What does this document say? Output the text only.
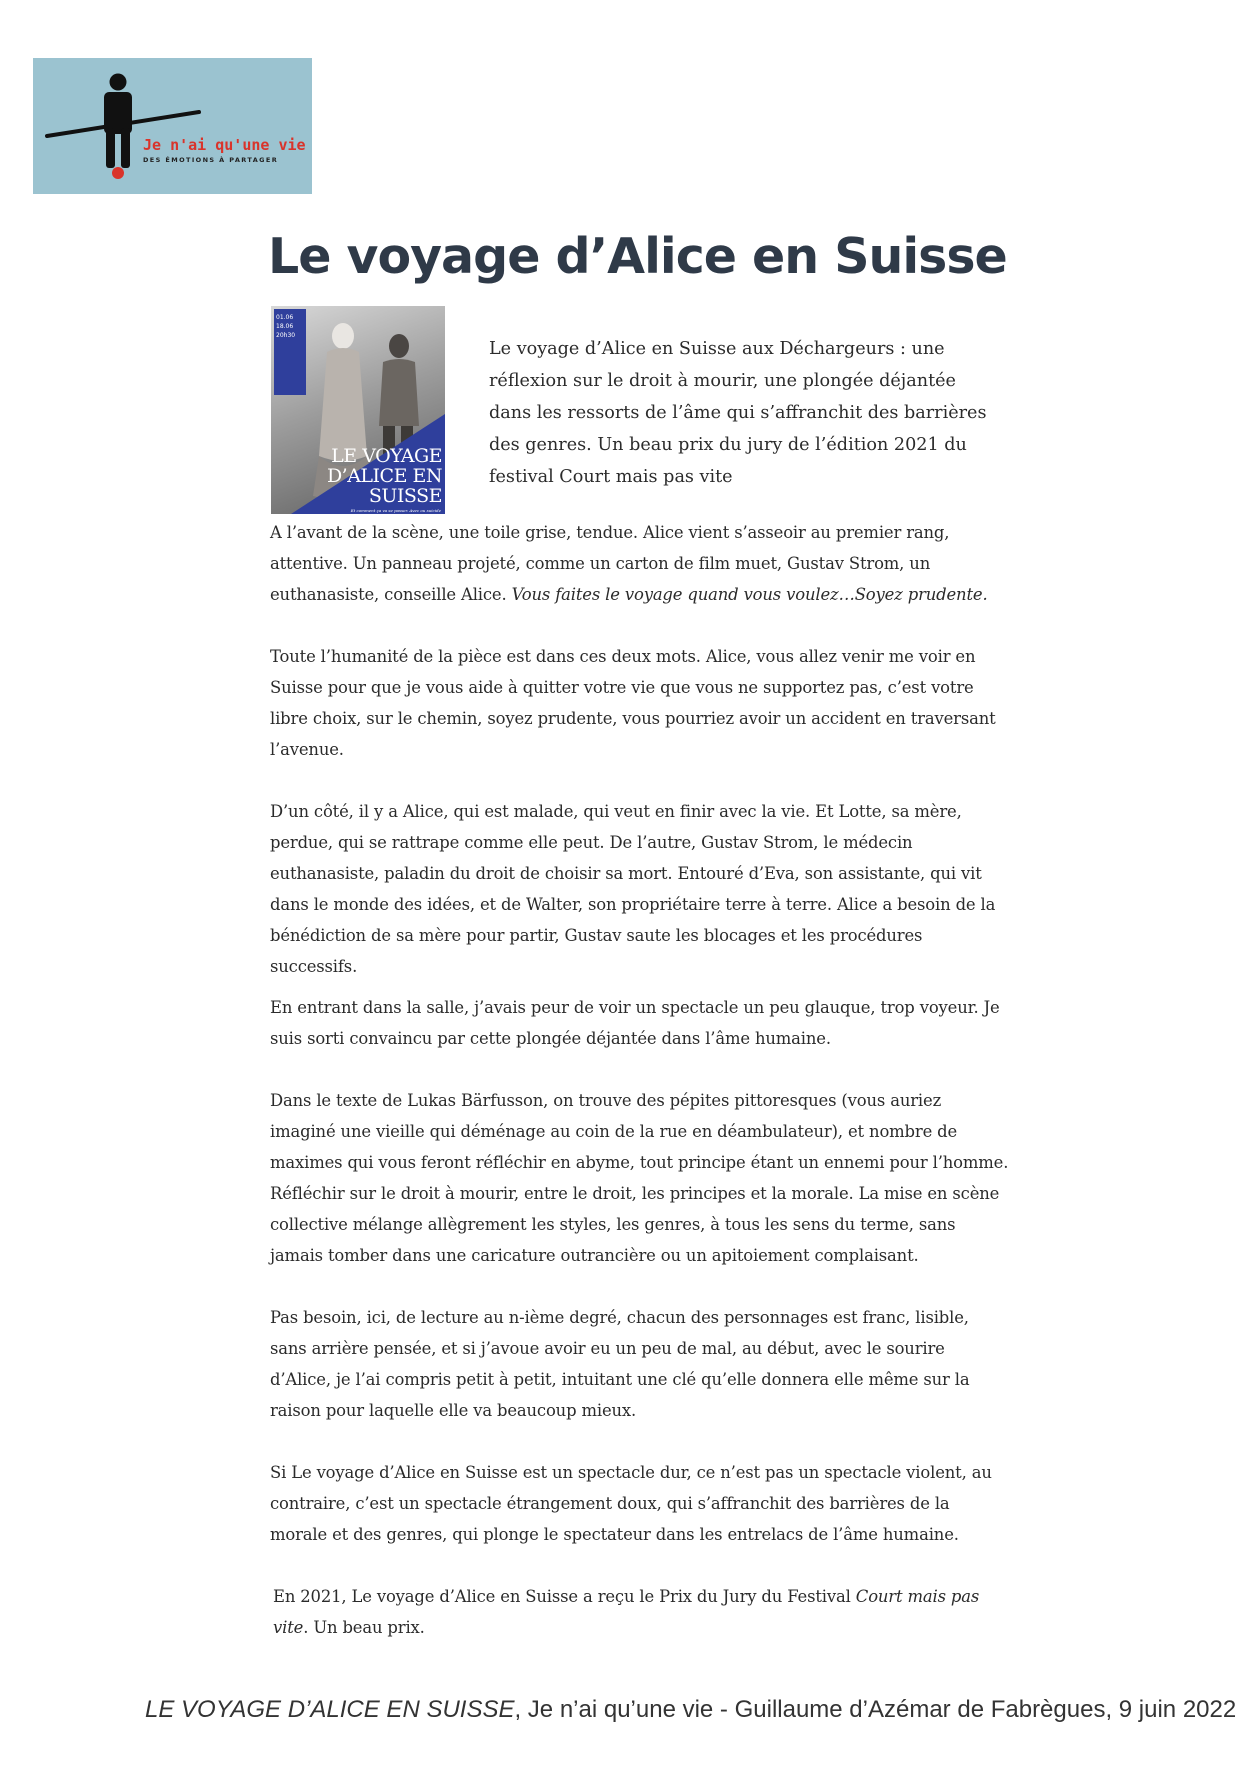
Je n'ai qu'une vie
DES ÉMOTIONS À PARTAGER
Le voyage d’Alice en Suisse
01.06
18.06
20h30
LE VOYAGE
D’ALICE EN SUISSE
Et comment ça va se passer. Avec ou suicide

Le voyage d’Alice en Suisse aux Déchargeurs : une réflexion sur le droit à mourir, une plongée déjantée dans les ressorts de l’âme qui s’affranchit des barrières des genres. Un beau prix du jury de l’édition 2021 du festival Court mais pas vite

A l’avant de la scène, une toile grise, tendue. Alice vient s’asseoir au premier rang, attentive. Un panneau projeté, comme un carton de film muet, Gustav Strom, un euthanasiste, conseille Alice. Vous faites le voyage quand vous voulez…Soyez prudente.

Toute l’humanité de la pièce est dans ces deux mots. Alice, vous allez venir me voir en Suisse pour que je vous aide à quitter votre vie que vous ne supportez pas, c’est votre libre choix, sur le chemin, soyez prudente, vous pourriez avoir un accident en traversant l’avenue.

D’un côté, il y a Alice, qui est malade, qui veut en finir avec la vie. Et Lotte, sa mère, perdue, qui se rattrape comme elle peut. De l’autre, Gustav Strom, le médecin euthanasiste, paladin du droit de choisir sa mort. Entouré d’Eva, son assistante, qui vit dans le monde des idées, et de Walter, son propriétaire terre à terre. Alice a besoin de la bénédiction de sa mère pour partir, Gustav saute les blocages et les procédures successifs.

En entrant dans la salle, j’avais peur de voir un spectacle un peu glauque, trop voyeur. Je suis sorti convaincu par cette plongée déjantée dans l’âme humaine.

Dans le texte de Lukas Bärfusson, on trouve des pépites pittoresques (vous auriez imaginé une vieille qui déménage au coin de la rue en déambulateur), et nombre de maximes qui vous feront réfléchir en abyme, tout principe étant un ennemi pour l’homme. Réfléchir sur le droit à mourir, entre le droit, les principes et la morale. La mise en scène collective mélange allègrement les styles, les genres, à tous les sens du terme, sans jamais tomber dans une caricature outrancière ou un apitoiement complaisant.

Pas besoin, ici, de lecture au n-ième degré, chacun des personnages est franc, lisible, sans arrière pensée, et si j’avoue avoir eu un peu de mal, au début, avec le sourire d’Alice, je l’ai compris petit à petit, intuitant une clé qu’elle donnera elle même sur la raison pour laquelle elle va beaucoup mieux.

Si Le voyage d’Alice en Suisse est un spectacle dur, ce n’est pas un spectacle violent, au contraire, c’est un spectacle étrangement doux, qui s’affranchit des barrières de la morale et des genres, qui plonge le spectateur dans les entrelacs de l’âme humaine.

En 2021, Le voyage d’Alice en Suisse a reçu le Prix du Jury du Festival Court mais pas vite. Un beau prix.

LE VOYAGE D’ALICE EN SUISSE, Je n’ai qu’une vie - Guillaume d’Azémar de Fabrègues, 9 juin 2022
